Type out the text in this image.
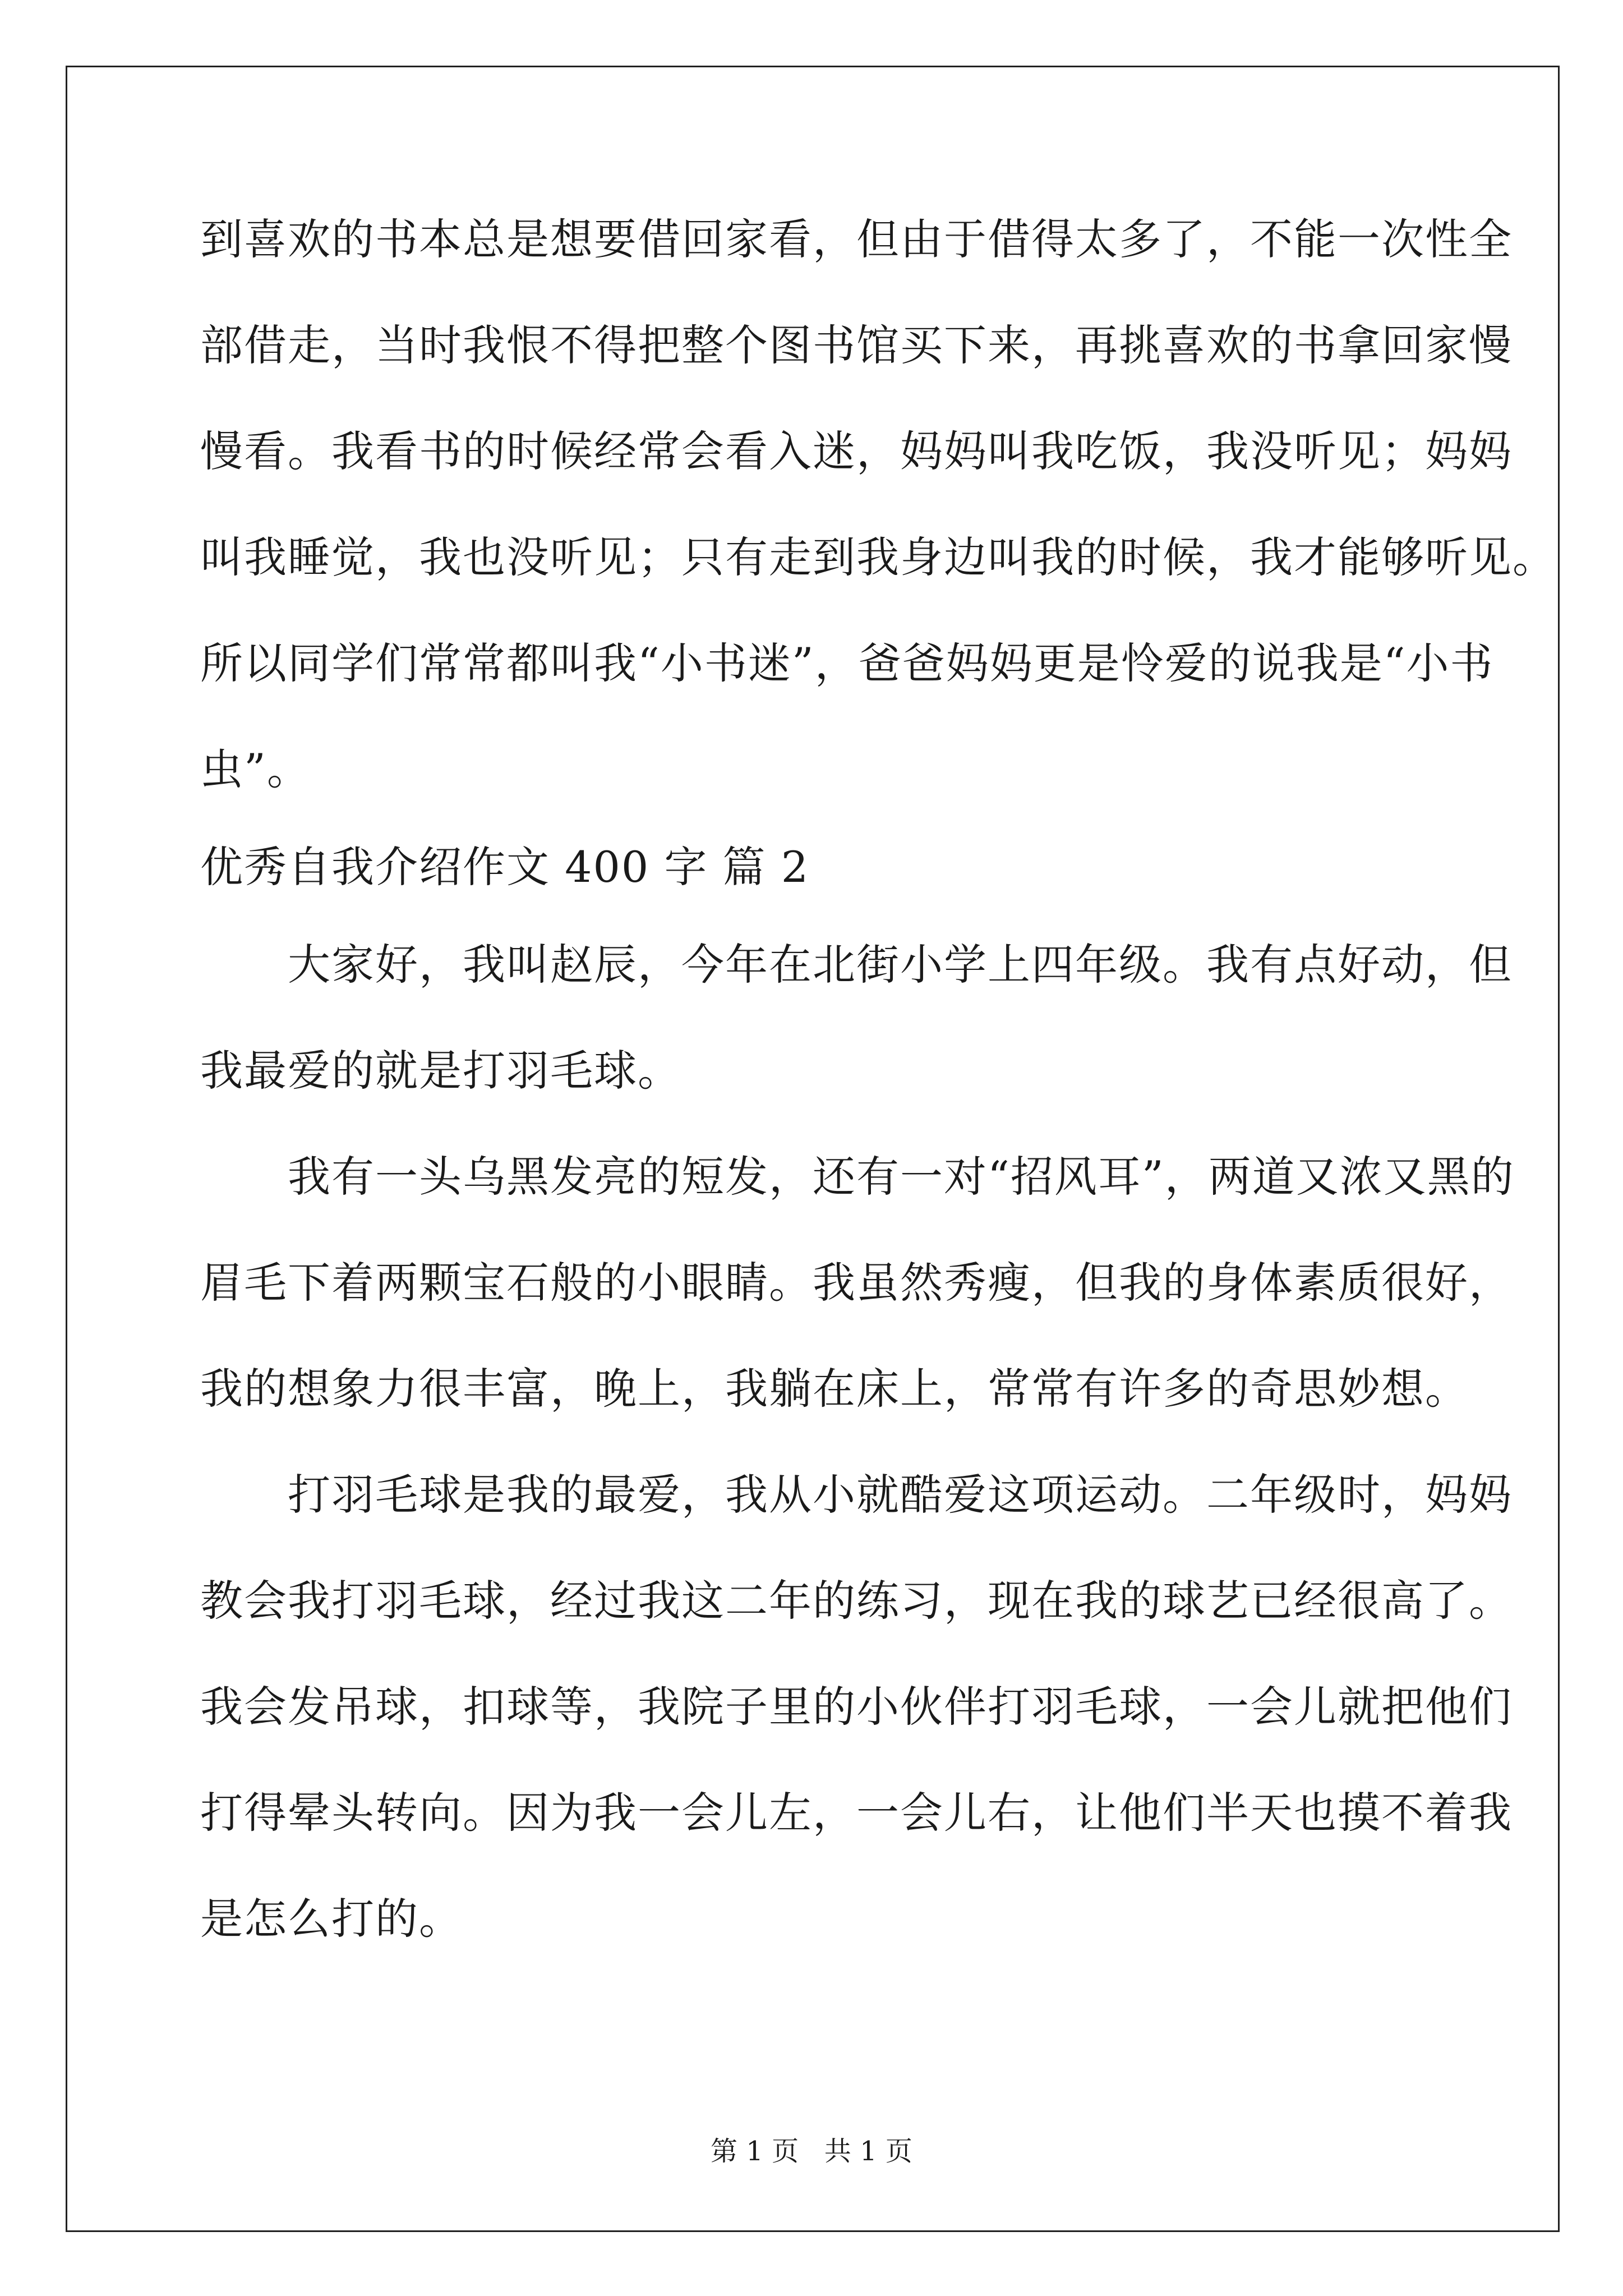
到喜欢的书本总是想要借回家看，但由于借得太多了，不能一次性全
部借走，当时我恨不得把整个图书馆买下来，再挑喜欢的书拿回家慢
慢看。我看书的时候经常会看入迷，妈妈叫我吃饭，我没听见；妈妈
叫我睡觉，我也没听见；只有走到我身边叫我的时候，我才能够听见。
所以同学们常常都叫我“小书迷”，爸爸妈妈更是怜爱的说我是“小书
虫”。
优秀自我介绍作文 400 字 篇 2
　　大家好，我叫赵辰，今年在北街小学上四年级。我有点好动，但
我最爱的就是打羽毛球。
　　我有一头乌黑发亮的短发，还有一对“招风耳”，两道又浓又黑的
眉毛下着两颗宝石般的小眼睛。我虽然秀瘦，但我的身体素质很好，
我的想象力很丰富，晚上，我躺在床上，常常有许多的奇思妙想。
　　打羽毛球是我的最爱，我从小就酷爱这项运动。二年级时，妈妈
教会我打羽毛球，经过我这二年的练习，现在我的球艺已经很高了。
我会发吊球，扣球等，我院子里的小伙伴打羽毛球，一会儿就把他们
打得晕头转向。因为我一会儿左，一会儿右，让他们半天也摸不着我
是怎么打的。
第 1 页   共 1 页
